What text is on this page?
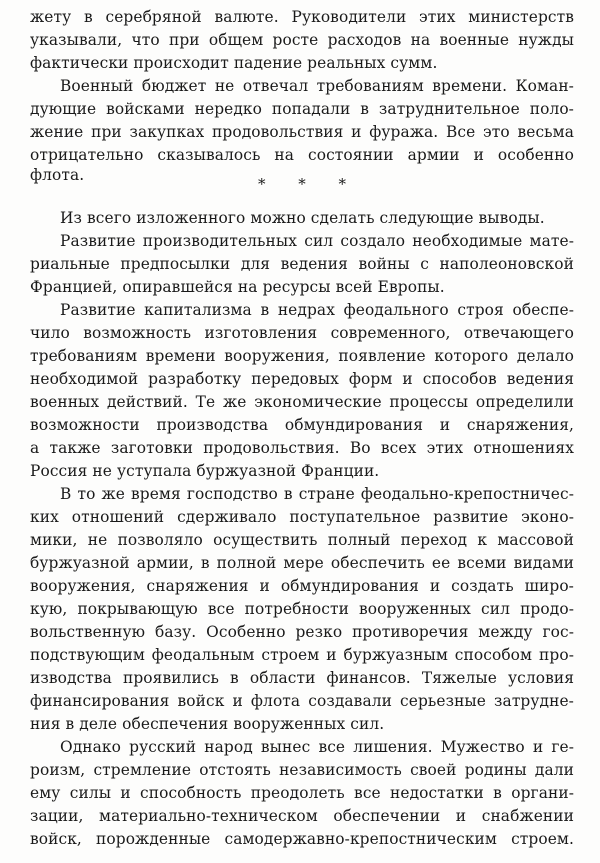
жету в серебряной валюте. Руководители этих министерств
указывали, что при общем росте расходов на военные нужды
фактически происходит падение реальных сумм.
Военный бюджет не отвечал требованиям времени. Коман-
дующие войсками нередко попадали в затруднительное поло-
жение при закупках продовольствия и фуража. Все это весьма
отрицательно сказывалось на состоянии армии и особенно
флота.	* * *
Из всего изложенного можно сделать следующие выводы.
Развитие производительных сил создало необходимые мате-
риальные предпосылки для ведения войны с наполеоновской
Францией, опиравшейся на ресурсы всей Европы.
Развитие капитализма в недрах феодального строя обеспе-
чило возможность изготовления современного, отвечающего
требованиям времени вооружения, появление которого делало
необходимой разработку передовых форм и способов ведения
военных действий. Те же экономические процессы определили
возможности производства обмундирования и снаряжения,
а также заготовки продовольствия. Во всех этих отношениях
Россия не уступала буржуазной Франции.
В то же время господство в стране феодально-крепостничес-
ких отношений сдерживало поступательное развитие эконо-
мики, не позволяло осуществить полный переход к массовой
буржуазной армии, в полной мере обеспечить ее всеми видами
вооружения, снаряжения и обмундирования и создать широ-
кую, покрывающую все потребности вооруженных сил продо-
вольственную базу. Особенно резко противоречия между гос-
подствующим феодальным строем и буржуазным способом про-
изводства проявились в области финансов. Тяжелые условия
финансирования войск и флота создавали серьезные затрудне-
ния в деле обеспечения вооруженных сил.
Однако русский народ вынес все лишения. Мужество и ге-
роизм, стремление отстоять независимость своей родины дали
ему силы и способность преодолеть все недостатки в органи-
зации, материально-техническом обеспечении и снабжении
войск, порожденные самодержавно-крепостническим строем.
